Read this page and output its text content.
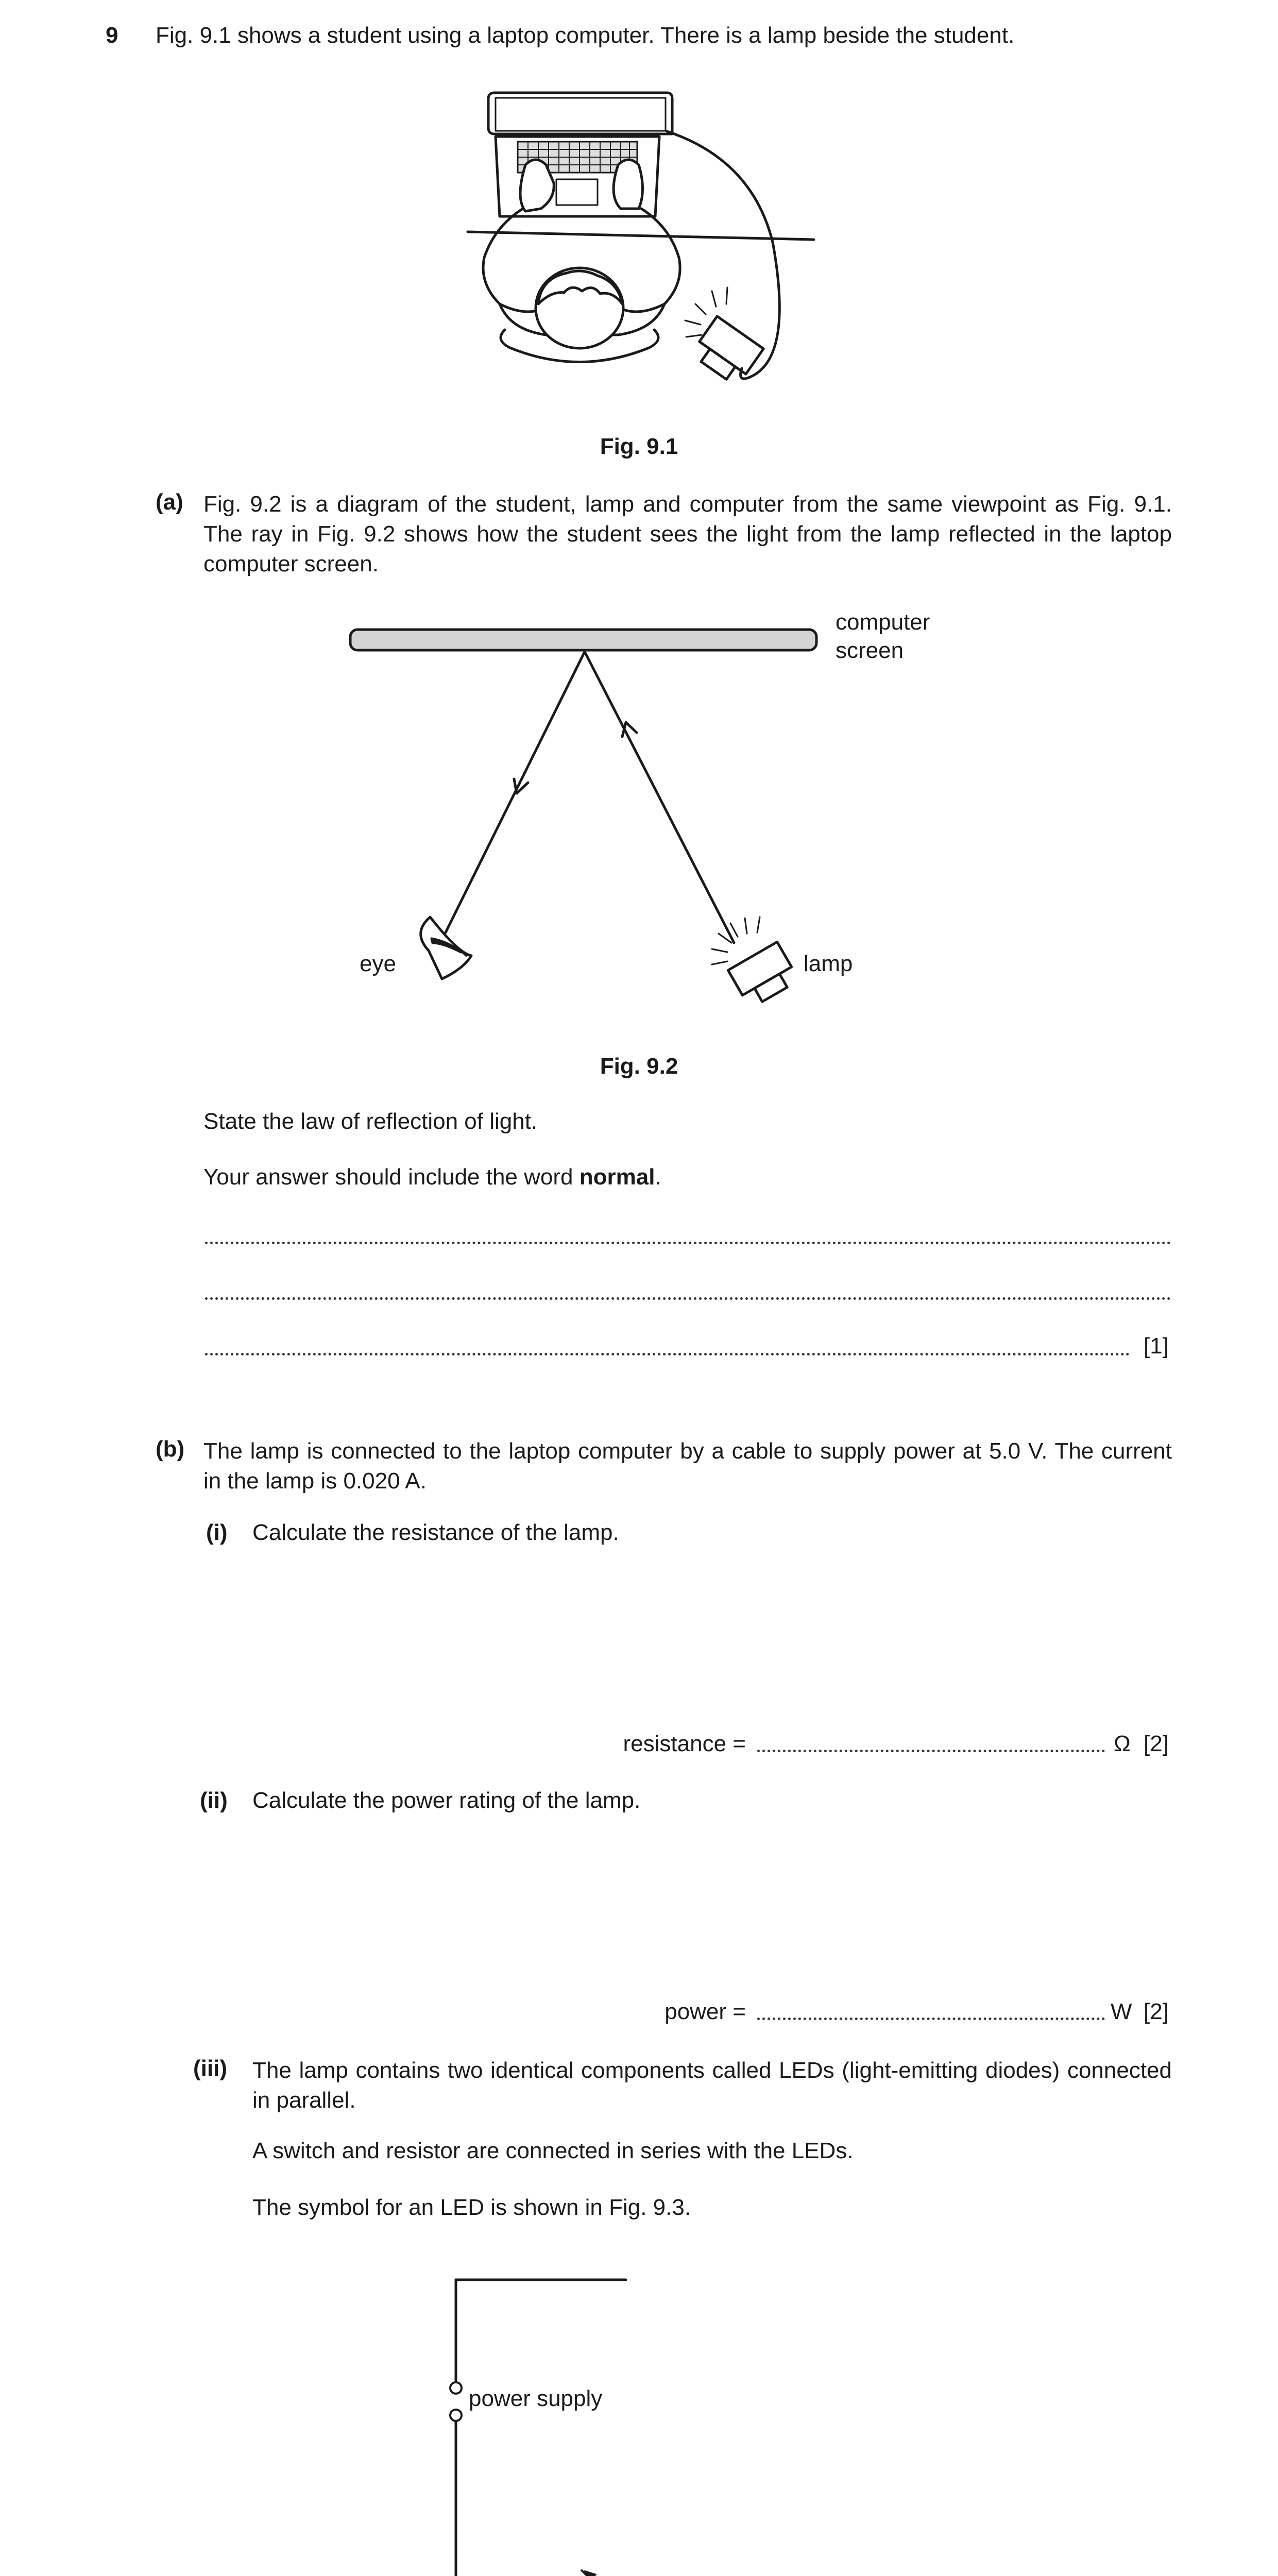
9 Fig. 9.1 shows a student using a laptop computer. There is a lamp beside the student.
Fig. 9.1
(a) Fig. 9.2 is a diagram of the student, lamp and computer from the same viewpoint as Fig. 9.1. The ray in Fig. 9.2 shows how the student sees the light from the lamp reflected in the laptop computer screen.
computer
screen
eye	lamp
Fig. 9.2
State the law of reflection of light.
Your answer should include the word normal.
[1]
(b) The lamp is connected to the laptop computer by a cable to supply power at 5.0 V. The current in the lamp is 0.020 A.
(i) Calculate the resistance of the lamp.
resistance =	Ω [2]
(ii) Calculate the power rating of the lamp.
power =	W [2]
(iii) The lamp contains two identical components called LEDs (light-emitting diodes) connected in parallel.
A switch and resistor are connected in series with the LEDs.
The symbol for an LED is shown in Fig. 9.3.
power supply
